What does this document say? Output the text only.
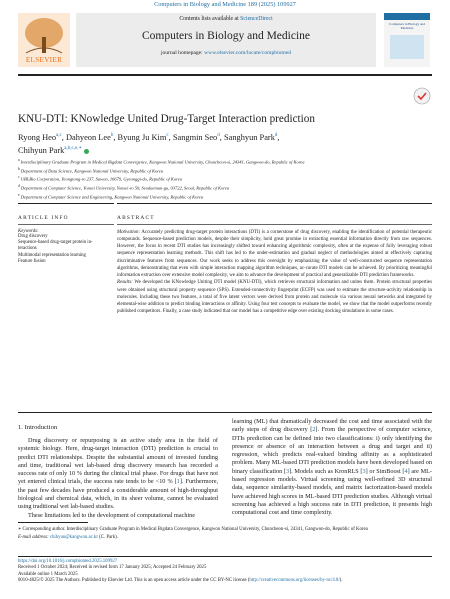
Computers in Biology and Medicine 189 (2025) 109927
ELSEVIER
Contents lists available at ScienceDirect
Computers in Biology and Medicine
journal homepage: www.elsevier.com/locate/compbiomed
Computers in Biology and Medicine
KNU-DTI: KNowledge United Drug-Target Interaction prediction
Ryong Heo$^{a,c}$, Dahyeon Lee$^b$, Byung Ju Kim$^c$, Sangmin Seo$^d$, Sanghyun Park$^d$,
Chihyun Park$^{a,b,c,e,∗}$
$^a$ Interdisciplinary Graduate Program in Medical Bigdata Convergence, Kangwon National University, Chuncheon-si, 24341, Gangwon-do, Republic of Korea
$^b$ Department of Data Science, Kangwon National University, Republic of Korea
$^c$ UBLBio Corporation, Yeongtong-ro 237, Suwon, 16679, Gyeonggi-do, Republic of Korea
$^d$ Department of Computer Science, Yonsei University, Yonsei-ro 50, Seodaemun-gu, 03722, Seoul, Republic of Korea
$^e$ Department of Computer Science and Engineering, Kangwon National University, Republic of Korea
ARTICLE INFO
Keywords:
Drug discovery
Sequence-based drug-target protein in-
teractions
Multimodal representation learning
Feature fusion
ABSTRACT
Motivation: Accurately predicting drug-target protein interactions (DTI) is a cornerstone of drug discovery, enabling the identification of potential therapeutic compounds. Sequence-based prediction models, despite their simplicity, hold great promise in extracting essential information directly from raw sequences. However, the focus in recent DTI studies has increasingly shifted toward enhancing algorithmic complexity, often at the expense of fully leveraging robust sequence representation learning methods. This shift has led to the under-estimation and gradual neglect of methodologies aimed at effectively capturing discriminative features from sequences. Our work seeks to address this oversight by emphasizing the value of well-constructed sequence representation algorithms, demonstrating that even with simple interaction mapping algorithm techniques, ac-curate DTI models can be achieved. By prioritizing meaningful information extraction over extensive model complexity, we aim to advance the development of practical and generalizable DTI prediction frameworks.
Results: We developed the KNowledge Uniting DTI model (KNU-DTI), which retrieves structural information and unites them. Protein structural properties were obtained using structural property sequence (SPS). Extended-connectivity fingerprint (ECFP) was used to estimate the structure-activity relationship in molecules. Including these two features, a total of five latent vectors were derived from protein and molecule via various neural networks and integrated by elemental-wise addition to predict binding interactions or affinity. Using four test concepts to evaluate the model, we show that the model outperforms recently published competitors. Finally, a case study indicated that our model has a competitive edge over existing docking simulations in some cases.
1. Introduction

Drug discovery or repurposing is an active study area in the field of systemic biology. Here, drug-target interaction (DTI) prediction is crucial to predict DTI relationships. Despite the substantial amount of invested funding and time, traditional wet lab-based drug discovery research has recorded a success rate of only 10 % during the clinical trial phase. For drugs that have not yet entered clinical trials, the success rate tends to be <10 % [1]. Furthermore, the past few decades have produced a considerable amount of high-throughput biological and chemical data, which, in its sheer volume, cannot be evaluated using traditional wet lab-based studies.

These limitations led to the development of computational machine

learning (ML) that dramatically decreased the cost and time associated with the early steps of drug discovery [2]. From the perspective of computer science, DTIs prediction can be defined into two classifications: i) only identifying the presence or absence of an interaction between a drug and target and ii) regression, which predicts real-valued binding affinity as a sophisticated problem. Many ML-based DTI prediction models have been developed based on binary classification [3]. Models such as KronRLS [3] or SimBoost [4] are ML-based regression models. Virtual screening using well-refined 3D structural data, sequence similarity-based models, and matrix factorization-based models have achieved high scores in ML-based DTI prediction studies. Although virtual screening has achieved a high success rate in DTI prediction, it presents high computational cost and time complexity.

∗ Corresponding author. Interdisciplinary Graduate Program in Medical Bigdata Convergence, Kangwon National University, Chuncheon-si, 24341, Gangwon-do, Republic of Korea
E-mail address: chihyun@kangwon.ac.kr (C. Park).
https://doi.org/10.1016/j.compbiomed.2025.109927
Received 1 October 2024; Received in revised form 17 January 2025; Accepted 24 February 2025
Available online 1 March 2025
0010-4825/© 2025 The Authors. Published by Elsevier Ltd. This is an open access article under the CC BY-NC license (http://creativecommons.org/licenses/by-nc/4.0/).
